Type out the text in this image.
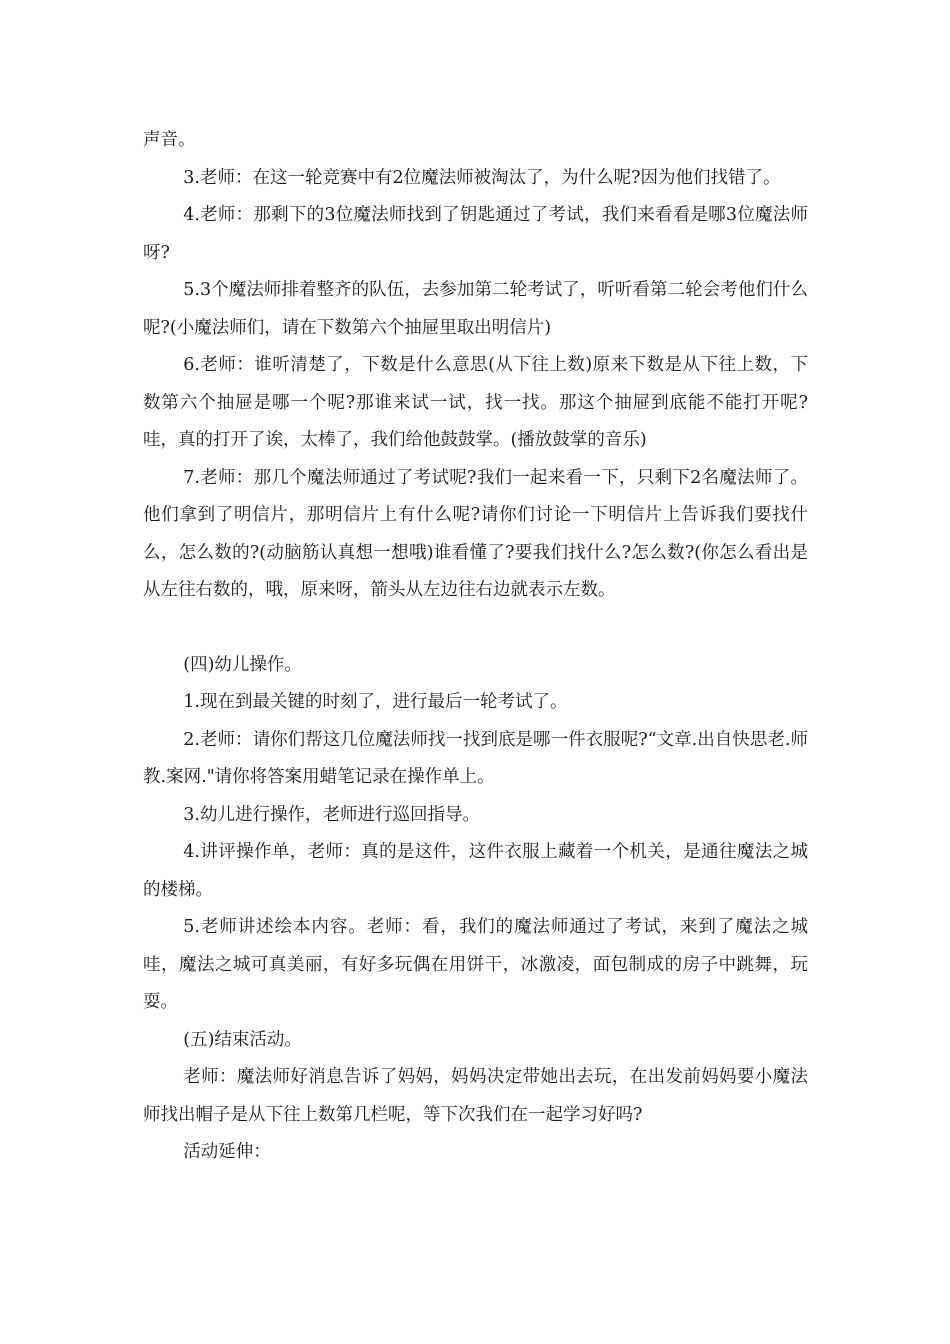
声音。

3.老师：在这一轮竞赛中有2位魔法师被淘汰了，为什么呢?因为他们找错了。

4.老师：那剩下的3位魔法师找到了钥匙通过了考试，我们来看看是哪3位魔法师呀?

5.3个魔法师排着整齐的队伍，去参加第二轮考试了，听听看第二轮会考他们什么呢?(小魔法师们，请在下数第六个抽屉里取出明信片)

6.老师：谁听清楚了，下数是什么意思(从下往上数)原来下数是从下往上数，下数第六个抽屉是哪一个呢?那谁来试一试，找一找。那这个抽屉到底能不能打开呢?哇，真的打开了诶，太棒了，我们给他鼓鼓掌。(播放鼓掌的音乐)

7.老师：那几个魔法师通过了考试呢?我们一起来看一下，只剩下2名魔法师了。他们拿到了明信片，那明信片上有什么呢?请你们讨论一下明信片上告诉我们要找什么，怎么数的?(动脑筋认真想一想哦)谁看懂了?要我们找什么?怎么数?(你怎么看出是从左往右数的，哦，原来呀，箭头从左边往右边就表示左数。

(四)幼儿操作。

1.现在到最关键的时刻了，进行最后一轮考试了。

2.老师：请你们帮这几位魔法师找一找到底是哪一件衣服呢?“文章.出自快思老.师教.案网."请你将答案用蜡笔记录在操作单上。

3.幼儿进行操作，老师进行巡回指导。

4.讲评操作单，老师：真的是这件，这件衣服上藏着一个机关，是通往魔法之城的楼梯。

5.老师讲述绘本内容。老师：看，我们的魔法师通过了考试，来到了魔法之城哇，魔法之城可真美丽，有好多玩偶在用饼干，冰激凌，面包制成的房子中跳舞，玩耍。

(五)结束活动。

老师：魔法师好消息告诉了妈妈，妈妈决定带她出去玩，在出发前妈妈要小魔法师找出帽子是从下往上数第几栏呢，等下次我们在一起学习好吗?

活动延伸：
